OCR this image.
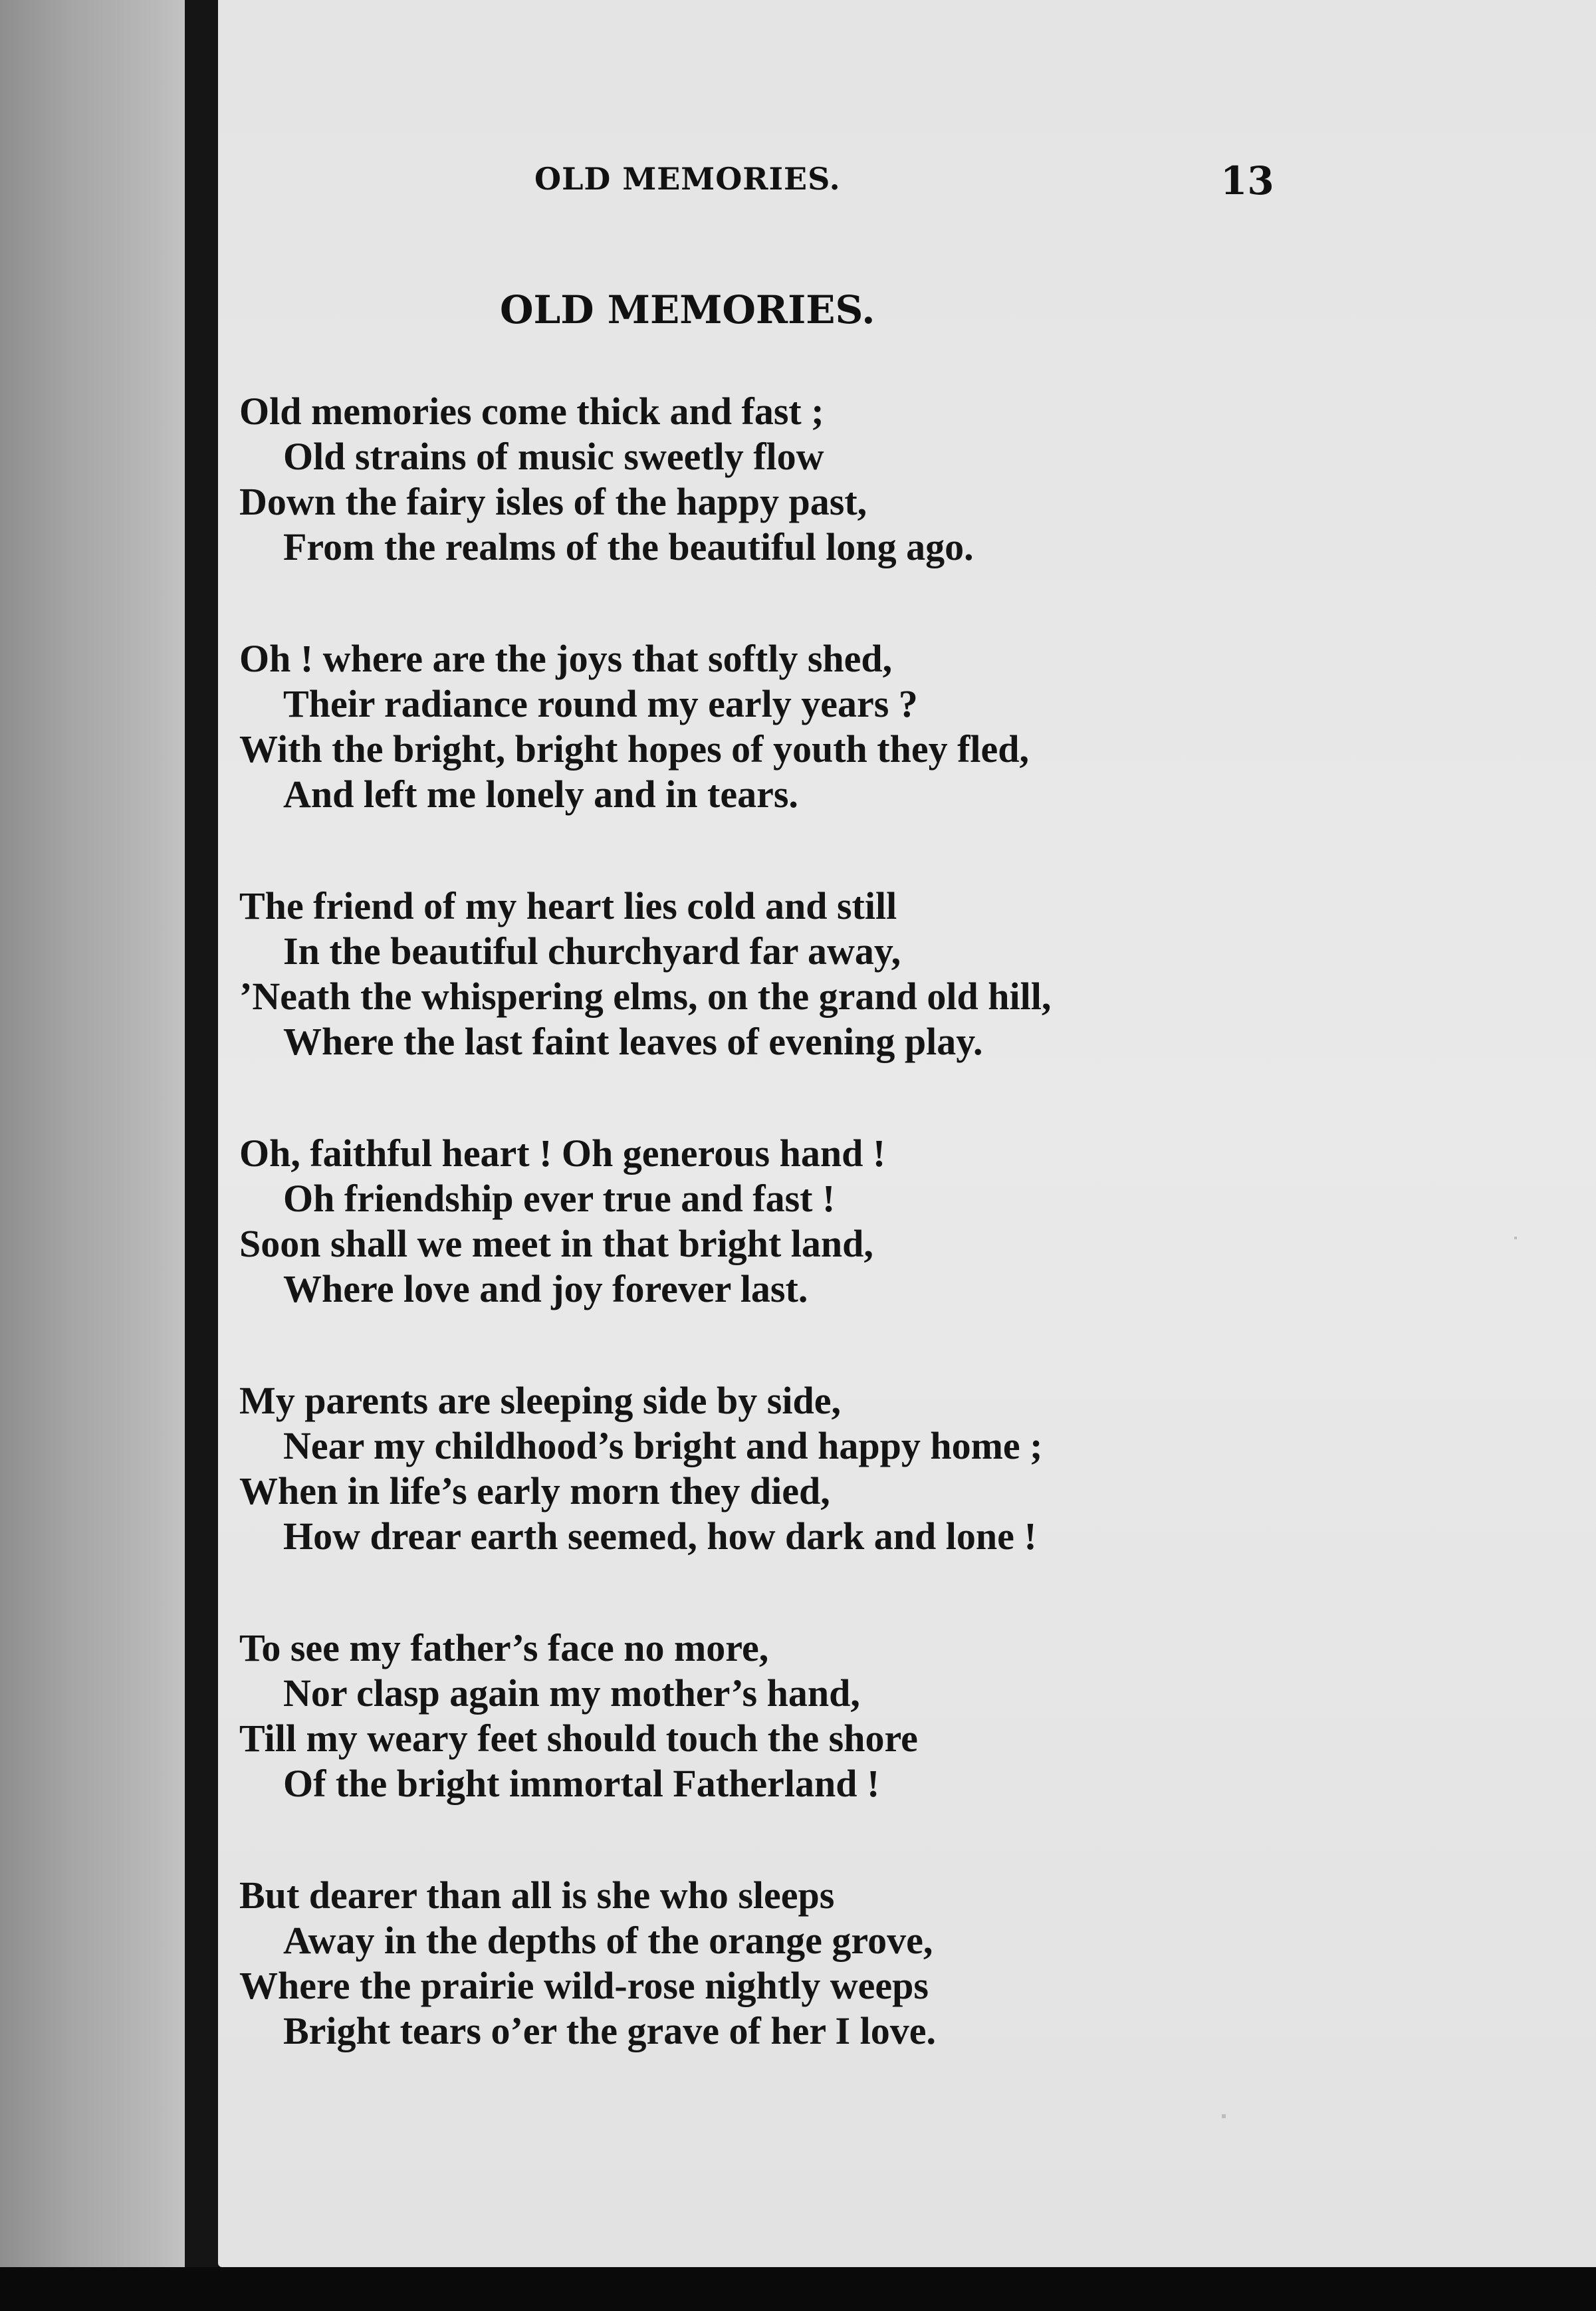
OLD MEMORIES.	13
OLD MEMORIES.
Old memories come thick and fast ;
Old strains of music sweetly flow
Down the fairy isles of the happy past,
From the realms of the beautiful long ago.
Oh ! where are the joys that softly shed,
Their radiance round my early years ?
With the bright, bright hopes of youth they fled,
And left me lonely and in tears.
The friend of my heart lies cold and still
In the beautiful churchyard far away,
’Neath the whispering elms, on the grand old hill,
Where the last faint leaves of evening play.
Oh, faithful heart ! Oh generous hand !
Oh friendship ever true and fast !
Soon shall we meet in that bright land,
Where love and joy forever last.
My parents are sleeping side by side,
Near my childhood’s bright and happy home ;
When in life’s early morn they died,
How drear earth seemed, how dark and lone !
To see my father’s face no more,
Nor clasp again my mother’s hand,
Till my weary feet should touch the shore
Of the bright immortal Fatherland !
But dearer than all is she who sleeps
Away in the depths of the orange grove,
Where the prairie wild-rose nightly weeps
Bright tears o’er the grave of her I love.
